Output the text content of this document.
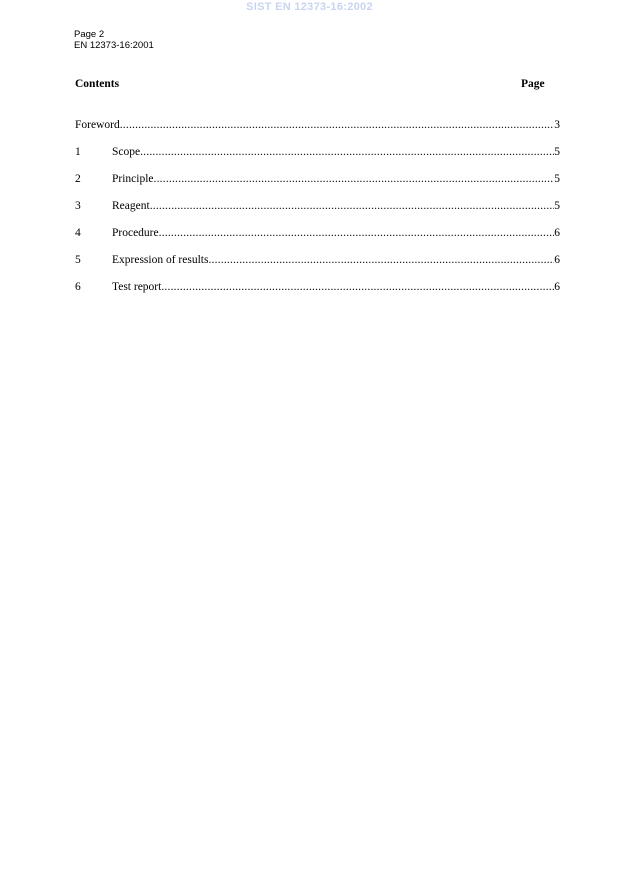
SIST EN 12373-16:2002
Page 2
EN 12373-16:2001
Contents	Page
Foreword .....	3
1	Scope .....	5
2	Principle .....	5
3	Reagent .....	5
4	Procedure .....	6
5	Expression of results .....	6
6	Test report .....	6
